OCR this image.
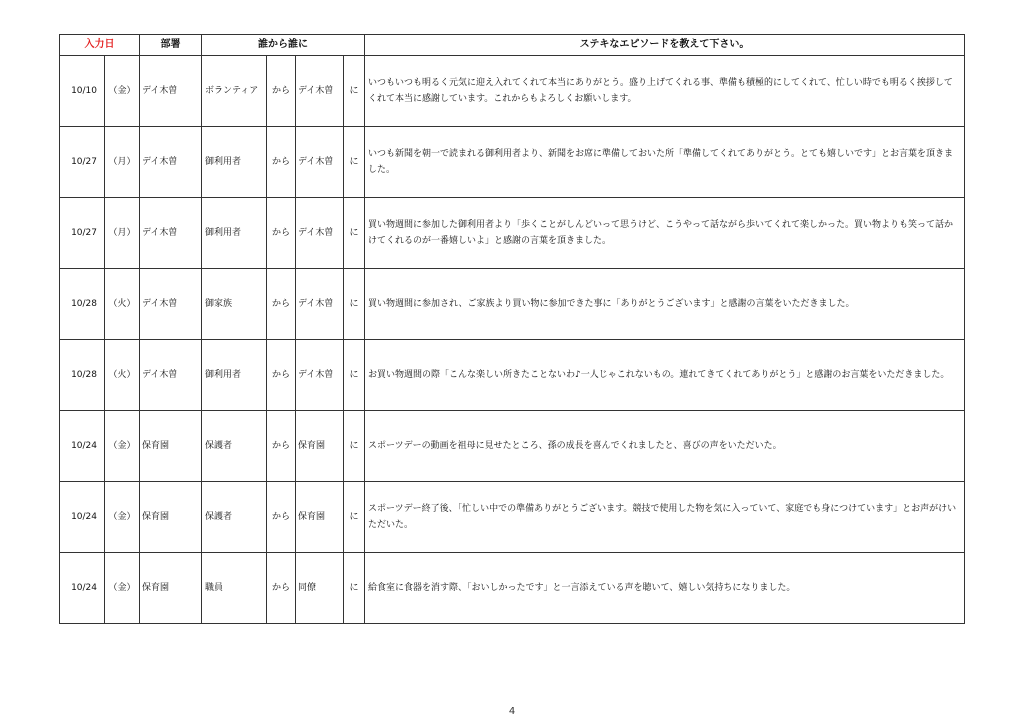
入力日		部署	誰から誰に				ステキなエピソードを教えて下さい。
10/10	（金）	デイ木曽	ボランティア	から	デイ木曽	に	いつもいつも明るく元気に迎え入れてくれて本当にありがとう。盛り上げてくれる事、準備も積極的にしてくれて、忙しい時でも明るく挨拶してくれて本当に感謝しています。これからもよろしくお願いします。
10/27	（月）	デイ木曽	御利用者	から	デイ木曽	に	いつも新聞を朝一で読まれる御利用者より、新聞をお席に準備しておいた所「準備してくれてありがとう。とても嬉しいです」とお言葉を頂きました。
10/27	（月）	デイ木曽	御利用者	から	デイ木曽	に	買い物週間に参加した御利用者より「歩くことがしんどいって思うけど、こうやって話ながら歩いてくれて楽しかった。買い物よりも笑って話かけてくれるのが一番嬉しいよ」と感謝の言葉を頂きました。
10/28	（火）	デイ木曽	御家族	から	デイ木曽	に	買い物週間に参加され、ご家族より買い物に参加できた事に「ありがとうございます」と感謝の言葉をいただきました。
10/28	（火）	デイ木曽	御利用者	から	デイ木曽	に	お買い物週間の際「こんな楽しい所きたことないわ♪一人じゃこれないもの。連れてきてくれてありがとう」と感謝のお言葉をいただきました。
10/24	（金）	保育園	保護者	から	保育園	に	スポーツデーの動画を祖母に見せたところ、孫の成長を喜んでくれましたと、喜びの声をいただいた。
10/24	（金）	保育園	保護者	から	保育園	に	スポーツデー終了後、「忙しい中での準備ありがとうございます。競技で使用した物を気に入っていて、家庭でも身につけています」とお声がけいただいた。
10/24	（金）	保育園	職員	から	同僚	に	給食室に食器を消す際、「おいしかったです」と一言添えている声を聴いて、嬉しい気持ちになりました。
4
